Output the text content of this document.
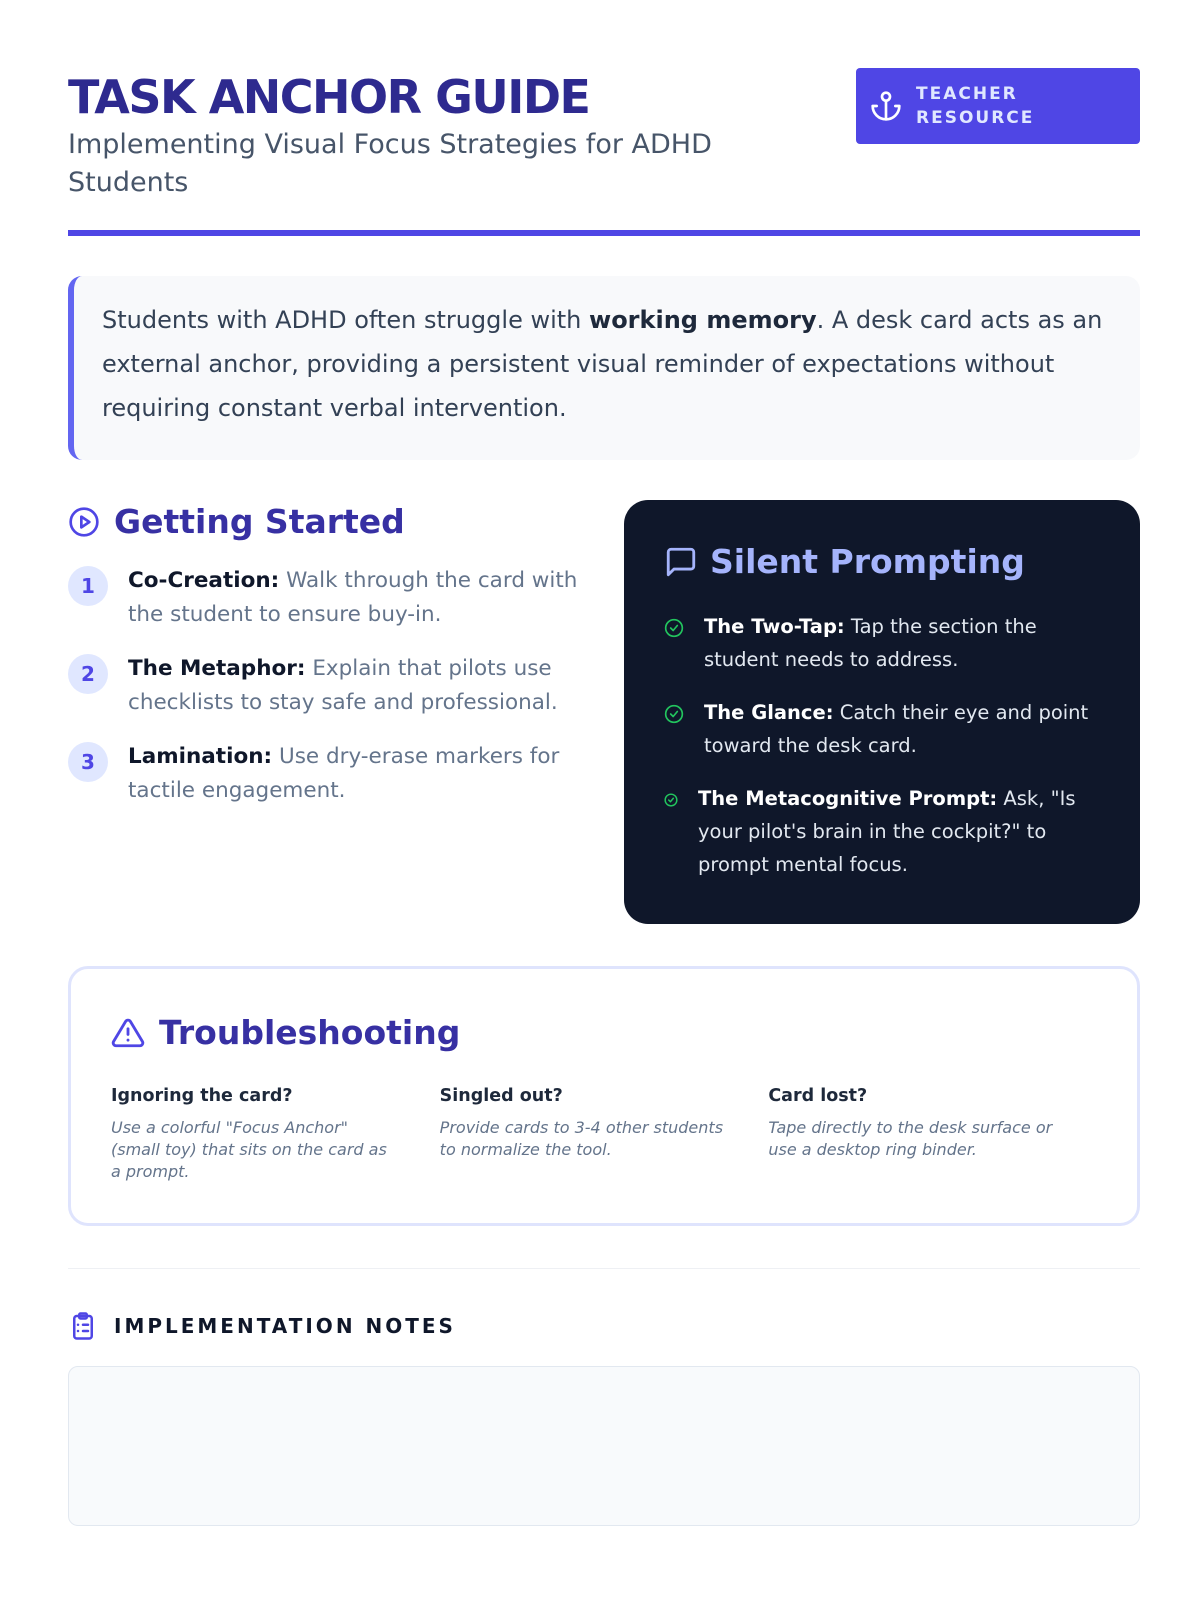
TASK ANCHOR GUIDE
Implementing Visual Focus Strategies for ADHD Students
TEACHER
RESOURCE

Students with ADHD often struggle with working memory. A desk card acts as an external anchor, providing a persistent visual reminder of expectations without requiring constant verbal intervention.

Getting Started
1	Co-Creation: Walk through the card with the student to ensure buy-in.
2	The Metaphor: Explain that pilots use checklists to stay safe and professional.
3	Lamination: Use dry-erase markers for tactile engagement.
Silent Prompting
The Two-Tap: Tap the section the student needs to address.
The Glance: Catch their eye and point toward the desk card.
The Metacognitive Prompt: Ask, "Is your pilot's brain in the cockpit?" to prompt mental focus.
Troubleshooting
Ignoring the card?
Use a colorful "Focus Anchor" (small toy) that sits on the card as a prompt.
Singled out?
Provide cards to 3-4 other students to normalize the tool.
Card lost?
Tape directly to the desk surface or use a desktop ring binder.
IMPLEMENTATION NOTES
